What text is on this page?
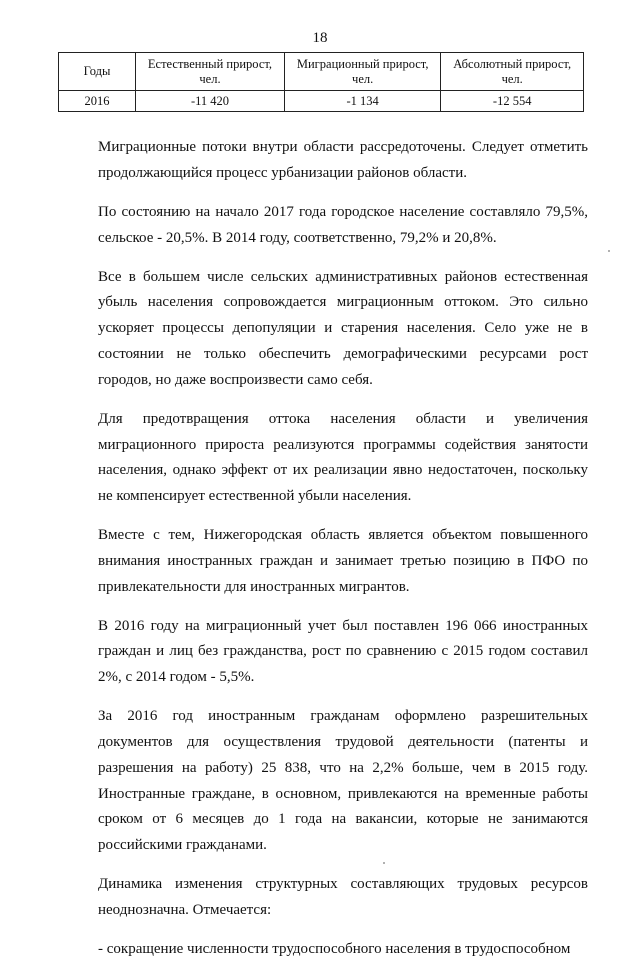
18
Годы	Естественный прирост, чел.	Миграционный прирост, чел.	Абсолютный прирост, чел.
2016	-11 420	-1 134	-12 554

Миграционные потоки внутри области рассредоточены. Следует отметить продолжающийся процесс урбанизации районов области.

По состоянию на начало 2017 года городское население составляло 79,5%, сельское - 20,5%. В 2014 году, соответственно, 79,2% и 20,8%.

Все в большем числе сельских административных районов естественная убыль населения сопровождается миграционным оттоком. Это сильно ускоряет процессы депопуляции и старения населения. Село уже не в состоянии не только обеспечить демографическими ресурсами рост городов, но даже воспроизвести само себя.

Для предотвращения оттока населения области и увеличения миграционного прироста реализуются программы содействия занятости населения, однако эффект от их реализации явно недостаточен, поскольку не компенсирует естественной убыли населения.

Вместе с тем, Нижегородская область является объектом повышенного внимания иностранных граждан и занимает третью позицию в ПФО по привлекательности для иностранных мигрантов.

В 2016 году на миграционный учет был поставлен 196 066 иностранных граждан и лиц без гражданства, рост по сравнению с 2015 годом составил 2%, с 2014 годом - 5,5%.

За 2016 год иностранным гражданам оформлено разрешительных документов для осуществления трудовой деятельности (патенты и разрешения на работу) 25 838, что на 2,2% больше, чем в 2015 году. Иностранные граждане, в основном, привлекаются на временные работы сроком от 6 месяцев до 1 года на вакансии, которые не занимаются российскими гражданами.

Динамика изменения структурных составляющих трудовых ресурсов неоднозначна. Отмечается:

- сокращение численности трудоспособного населения в трудоспособном
